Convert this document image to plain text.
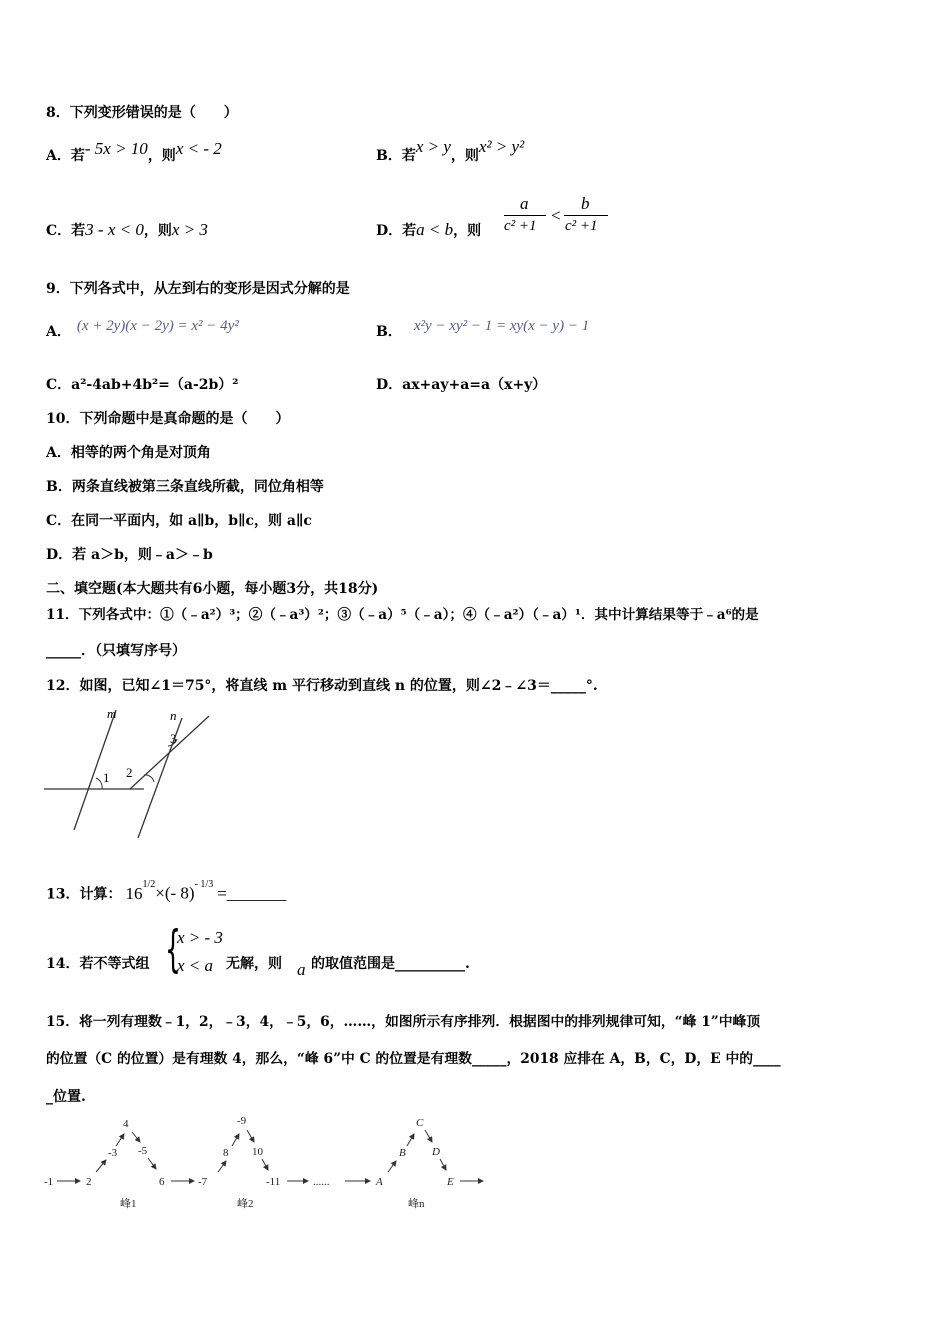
8．下列变形错误的是（　　）
A．若- 5x > 10，则x < - 2	B．若x > y，则x² > y²
C．若3 - x < 0，则x > 3	D．若a < b，则
a
c² +1
<
b
c² +1
9．下列各式中，从左到右的变形是因式分解的是
A． (x + 2y)(x − 2y) = x² − 4y²	B． x²y − xy² − 1 = xy(x − y) − 1
C．a²-4ab+4b²=（a-2b）²	D．ax+ay+a=a（x+y）
10．下列命题中是真命题的是（　　）
A．相等的两个角是对顶角
B．两条直线被第三条直线所截，同位角相等
C．在同一平面内，如 a∥b，b∥c，则 a∥c
D．若 a＞b，则﹣a＞﹣b
二、填空题(本大题共有6小题，每小题3分，共18分)
11．下列各式中：①（﹣a²）³；②（﹣a³）²；③（﹣a）⁵（﹣a）；④（﹣a²）（﹣a）¹．其中计算结果等于﹣a⁶的是
_____．（只填写序号）
12．如图，已知∠1＝75°，将直线 m 平行移动到直线 n 的位置，则∠2﹣∠3＝_____°.
m	n
1 2
3
13．计算： $16^{1/2}\times(-$ 8)$^{- 1/3}$ =_______
14．若不等式组 {
x > - 3
x < a 无解，则 a 的取值范围是__________.
15．将一列有理数﹣1，2，﹣3，4，﹣5，6，……，如图所示有序排列．根据图中的排列规律可知，“峰 1”中峰顶
的位置（C 的位置）是有理数 4，那么，“峰 6”中 C 的位置是有理数_____，2018 应排在 A，B，C，D，E 中的____
_位置.
-1	2
-3
4
-5
6	-7
8
-9
10
-11	......	A
B
C
D
E
峰1	峰2	峰n
